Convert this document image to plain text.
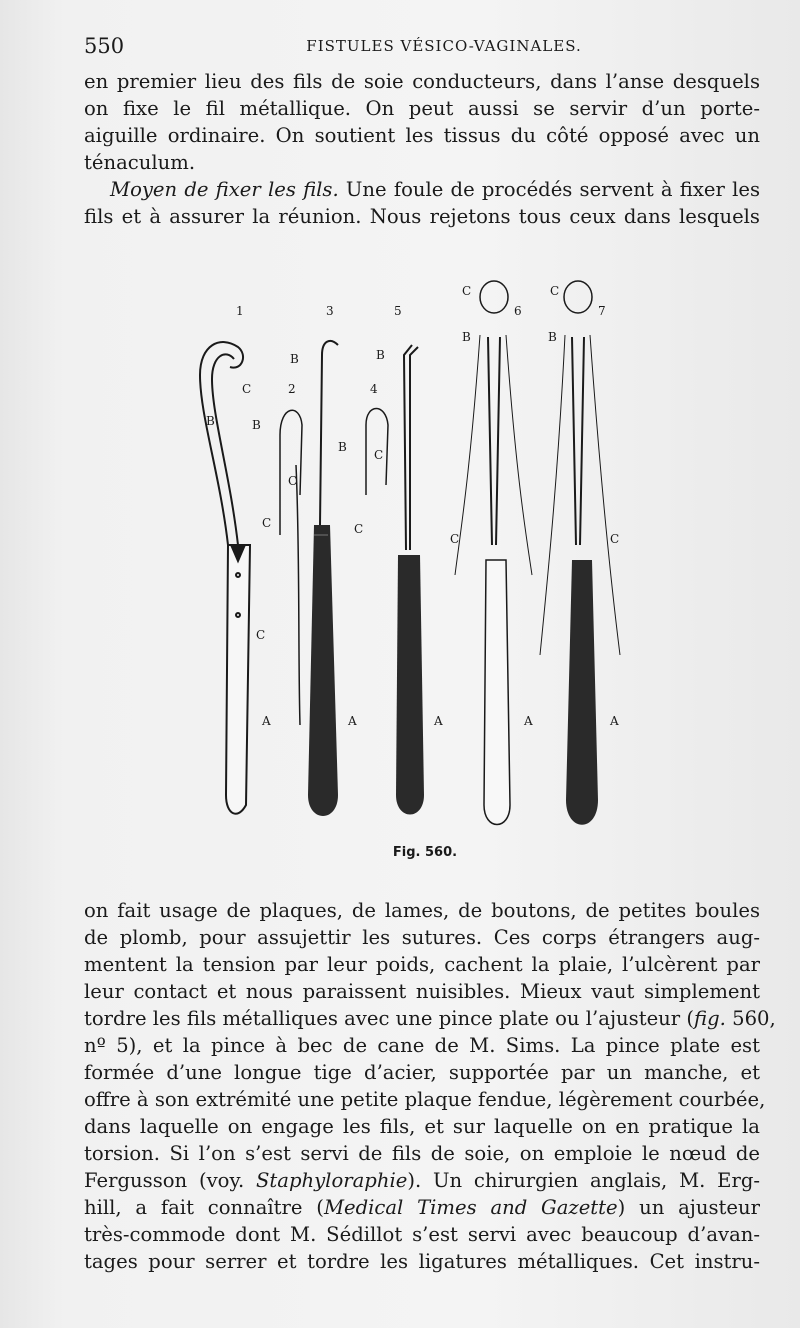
550	FISTULES VÉSICO-VAGINALES.
en premier lieu des fils de soie conducteurs, dans l’anse desquels
on fixe le fil métallique. On peut aussi se servir d’un porte-
aiguille ordinaire. On soutient les tissus du côté opposé avec un
ténaculum.
Moyen de fixer les fils. Une foule de procédés servent à fixer les
fils et à assurer la réunion. Nous rejetons tous ceux dans lesquels
1
2
3
4
5	6	7
A	A	A	A	A
B	B
B	B
B
B	B
C
C
C
C
C
C
C	C
C	C
Fig. 560.
on fait usage de plaques, de lames, de boutons, de petites boules
de plomb, pour assujettir les sutures. Ces corps étrangers aug-
mentent la tension par leur poids, cachent la plaie, l’ulcèrent par
leur contact et nous paraissent nuisibles. Mieux vaut simplement
tordre les fils métalliques avec une pince plate ou l’ajusteur (fig. 560,
nº 5), et la pince à bec de cane de M. Sims. La pince plate est
formée d’une longue tige d’acier, supportée par un manche, et
offre à son extrémité une petite plaque fendue, légèrement courbée,
dans laquelle on engage les fils, et sur laquelle on en pratique la
torsion. Si l’on s’est servi de fils de soie, on emploie le nœud de
Fergusson (voy. Staphyloraphie). Un chirurgien anglais, M. Erg-
hill, a fait connaître (Medical Times and Gazette) un ajusteur
très-commode dont M. Sédillot s’est servi avec beaucoup d’avan-
tages pour serrer et tordre les ligatures métalliques. Cet instru-
